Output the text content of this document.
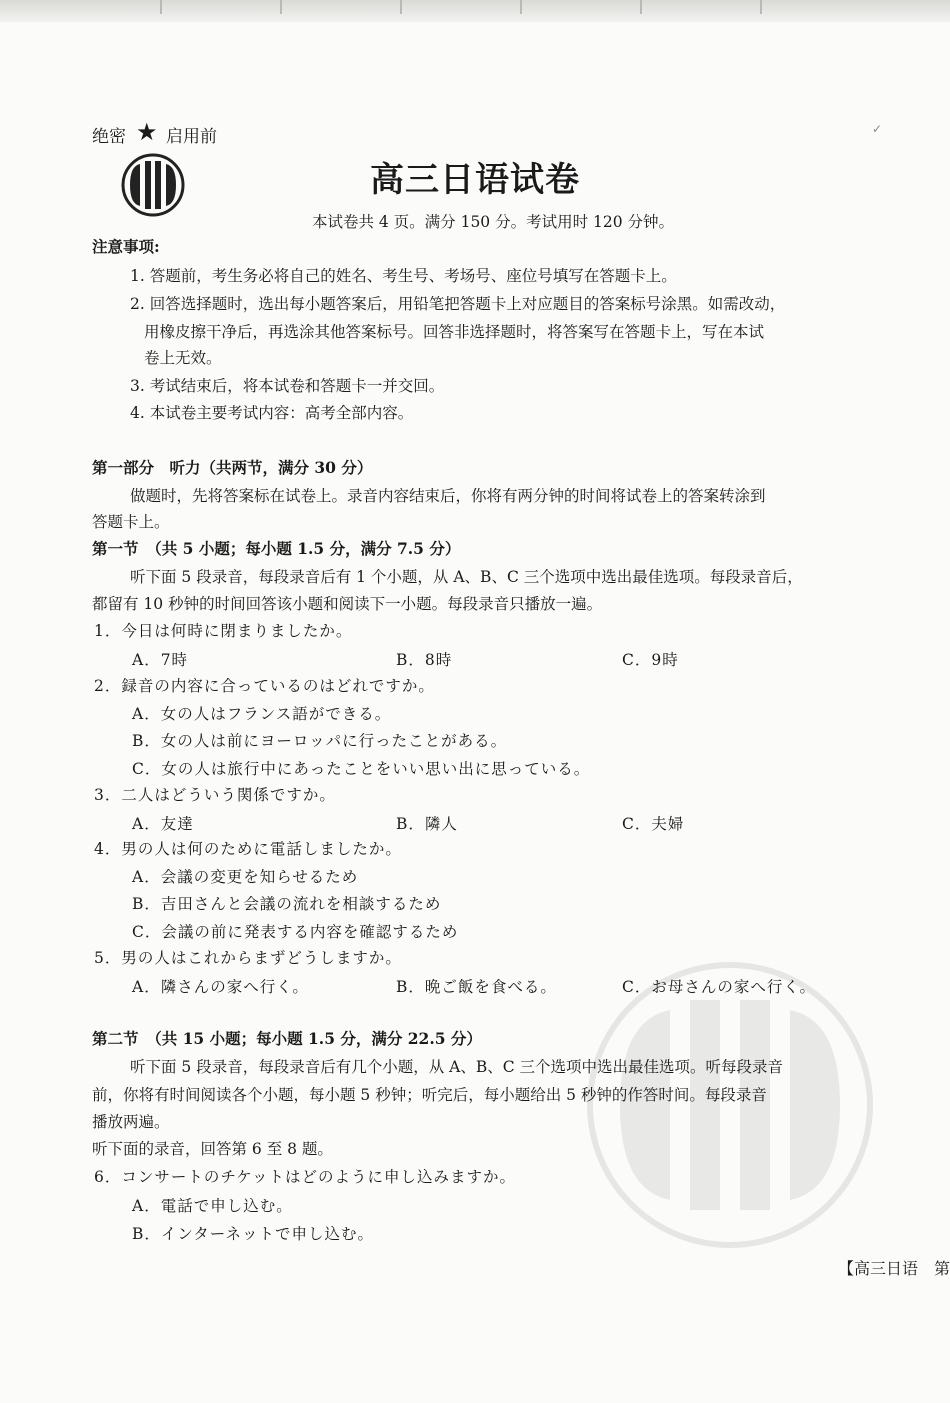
绝密 ★ 启用前	✓
高三日语试卷
本试卷共 4 页。满分 150 分。考试用时 120 分钟。
注意事项:
1. 答题前，考生务必将自己的姓名、考生号、考场号、座位号填写在答题卡上。
2. 回答选择题时，选出每小题答案后，用铅笔把答题卡上对应题目的答案标号涂黑。如需改动，
用橡皮擦干净后，再选涂其他答案标号。回答非选择题时，将答案写在答题卡上，写在本试
卷上无效。
3. 考试结束后，将本试卷和答题卡一并交回。
4. 本试卷主要考试内容：高考全部内容。
第一部分　听力（共两节，满分 30 分）
做题时，先将答案标在试卷上。录音内容结束后，你将有两分钟的时间将试卷上的答案转涂到
答题卡上。
第一节　（共 5 小题；每小题 1.5 分，满分 7.5 分）
听下面 5 段录音，每段录音后有 1 个小题，从 A、B、C 三个选项中选出最佳选项。每段录音后，
都留有 10 秒钟的时间回答该小题和阅读下一小题。每段录音只播放一遍。
1．今日は何時に閉まりましたか。
A．7時	B．8時	C．9時
2．録音の内容に合っているのはどれですか。
A．女の人はフランス語ができる。
B．女の人は前にヨーロッパに行ったことがある。
C．女の人は旅行中にあったことをいい思い出に思っている。
3．二人はどういう関係ですか。
A．友達	B．隣人	C．夫婦
4．男の人は何のために電話しましたか。
A．会議の変更を知らせるため
B．吉田さんと会議の流れを相談するため
C．会議の前に発表する内容を確認するため
5．男の人はこれからまずどうしますか。
A．隣さんの家へ行く。	B．晩ご飯を食べる。	C．お母さんの家へ行く。
第二节　（共 15 小题；每小题 1.5 分，满分 22.5 分）
听下面 5 段录音，每段录音后有几个小题，从 A、B、C 三个选项中选出最佳选项。听每段录音
前，你将有时间阅读各个小题，每小题 5 秒钟；听完后，每小题给出 5 秒钟的作答时间。每段录音
播放两遍。
听下面的录音，回答第 6 至 8 题。
6．コンサートのチケットはどのように申し込みますか。
A．電話で申し込む。
B．インターネットで申し込む。
【高三日语　第
